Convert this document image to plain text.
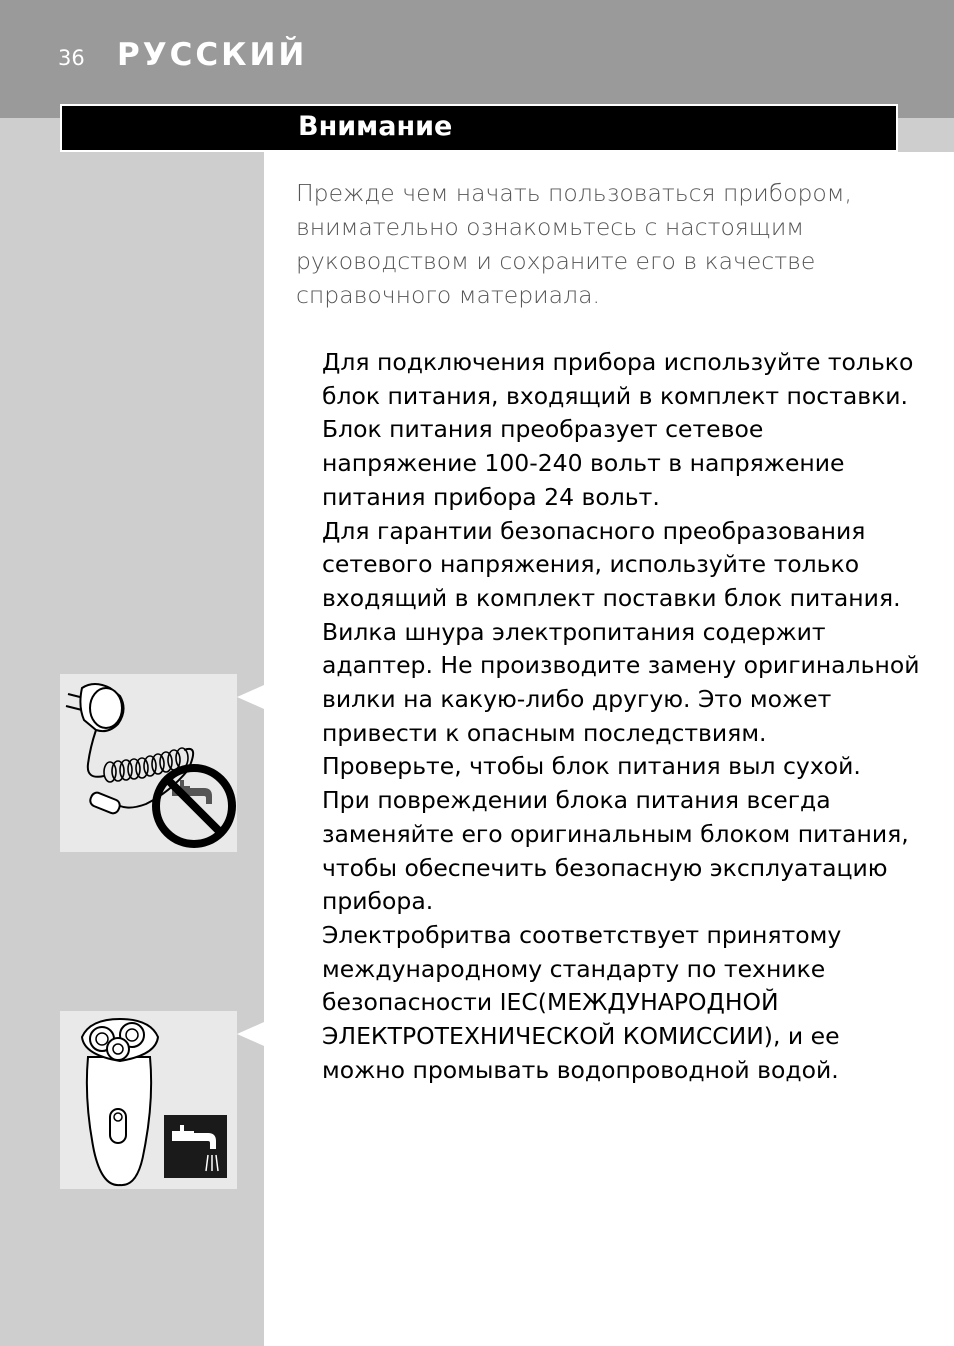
36 РУССКИЙ
Внимание
Прежде чем начать пользоваться прибором, внимательно ознакомьтесь с настоящим руководством и сохраните его в качестве справочного материала.
Для подключения прибора используйте только блок питания, входящий в комплект поставки.
Блок питания преобразует сетевое напряжение 100-240 вольт в напряжение питания прибора 24 вольт.
Для гарантии безопасного преобразования сетевого напряжения, используйте только входящий в комплект поставки блок питания.
Вилка шнура электропитания содержит адаптер. Не производите замену оригинальной вилки на какую-либо другую. Это может привести к опасным последствиям.
Проверьте, чтобы блок питания выл сухой.
При повреждении блока питания всегда заменяйте его оригинальным блоком питания, чтобы обеспечить безопасную эксплуатацию прибора.
Электробритва соответствует принятому международному стандарту по технике безопасности IEC(МЕЖДУНАРОДНОЙ ЭЛЕКТРОТЕХНИЧЕСКОЙ КОМИССИИ), и ее можно промывать водопроводной водой.
